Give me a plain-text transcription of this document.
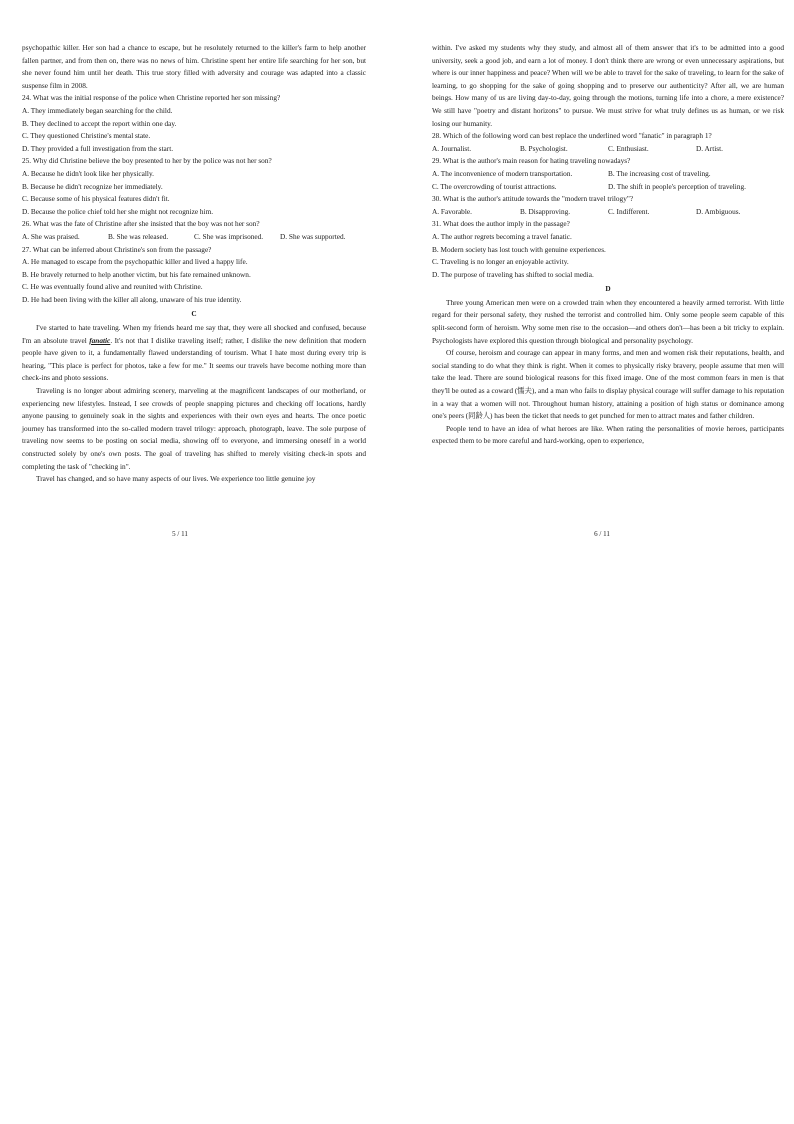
psychopathic killer. Her son had a chance to escape, but he resolutely returned to the killer's farm to help another fallen partner, and from then on, there was no news of him. Christine spent her entire life searching for her son, but she never found him until her death. This true story filled with adversity and courage was adapted into a classic suspense film in 2008.

24. What was the initial response of the police when Christine reported her son missing?

A. They immediately began searching for the child.

B. They declined to accept the report within one day.

C. They questioned Christine's mental state.

D. They provided a full investigation from the start.

25. Why did Christine believe the boy presented to her by the police was not her son?

A. Because he didn't look like her physically.

B. Because he didn't recognize her immediately.

C. Because some of his physical features didn't fit.

D. Because the police chief told her she might not recognize him.

26. What was the fate of Christine after she insisted that the boy was not her son?

A. She was praised.	B. She was released.	C. She was imprisoned.	D. She was supported.

27. What can be inferred about Christine's son from the passage?

A. He managed to escape from the psychopathic killer and lived a happy life.

B. He bravely returned to help another victim, but his fate remained unknown.

C. He was eventually found alive and reunited with Christine.

D. He had been living with the killer all along, unaware of his true identity.

C

I've started to hate traveling. When my friends heard me say that, they were all shocked and confused, because I'm an absolute travel fanatic. It's not that I dislike traveling itself; rather, I dislike the new definition that modern people have given to it, a fundamentally flawed understanding of tourism. What I hate most during every trip is hearing, "This place is perfect for photos, take a few for me." It seems our travels have become nothing more than check-ins and photo sessions.

Traveling is no longer about admiring scenery, marveling at the magnificent landscapes of our motherland, or experiencing new lifestyles. Instead, I see crowds of people snapping pictures and checking off locations, hardly anyone pausing to genuinely soak in the sights and experiences with their own eyes and hearts. The once poetic journey has transformed into the so-called modern travel trilogy: approach, photograph, leave. The sole purpose of traveling now seems to be posting on social media, showing off to everyone, and immersing oneself in a world constructed solely by one's own posts. The goal of traveling has shifted to merely visiting check-in spots and completing the task of "checking in".

Travel has changed, and so have many aspects of our lives. We experience too little genuine joy

5 / 11

within. I've asked my students why they study, and almost all of them answer that it's to be admitted into a good university, seek a good job, and earn a lot of money. I don't think there are wrong or even unnecessary aspirations, but where is our inner happiness and peace? When will we be able to travel for the sake of traveling, to learn for the sake of learning, to go shopping for the sake of going shopping and to preserve our authenticity? After all, we are human beings. How many of us are living day-to-day, going through the motions, turning life into a chore, a mere existence? We still have "poetry and distant horizons" to pursue. We must strive for what truly defines us as human, or we risk losing our humanity.

28. Which of the following word can best replace the underlined word "fanatic" in paragraph 1?

A. Journalist.	B. Psychologist.	C. Enthusiast.	D. Artist.

29. What is the author's main reason for hating traveling nowadays?

A. The inconvenience of modern transportation.	B. The increasing cost of traveling.
C. The overcrowding of tourist attractions.	D. The shift in people's perception of traveling.

30. What is the author's attitude towards the "modern travel trilogy"?

A. Favorable.	B. Disapproving.	C. Indifferent.	D. Ambiguous.

31. What does the author imply in the passage?

A. The author regrets becoming a travel fanatic.

B. Modern society has lost touch with genuine experiences.

C. Traveling is no longer an enjoyable activity.

D. The purpose of traveling has shifted to social media.

D

Three young American men were on a crowded train when they encountered a heavily armed terrorist. With little regard for their personal safety, they rushed the terrorist and controlled him. Only some people seem capable of this split-second form of heroism. Why some men rise to the occasion—and others don't—has been a bit tricky to explain. Psychologists have explored this question through biological and personality psychology.

Of course, heroism and courage can appear in many forms, and men and women risk their reputations, health, and social standing to do what they think is right. When it comes to physically risky bravery, people assume that men will take the lead. There are sound biological reasons for this fixed image. One of the most common fears in men is that they'll be outed as a coward (懦夫), and a man who fails to display physical courage will suffer damage to his reputation in a way that a women will not. Throughout human history, attaining a position of high status or dominance among one's peers (同龄人) has been the ticket that needs to get punched for men to attract mates and father children.

People tend to have an idea of what heroes are like. When rating the personalities of movie heroes, participants expected them to be more careful and hard-working, open to experience,

6 / 11
